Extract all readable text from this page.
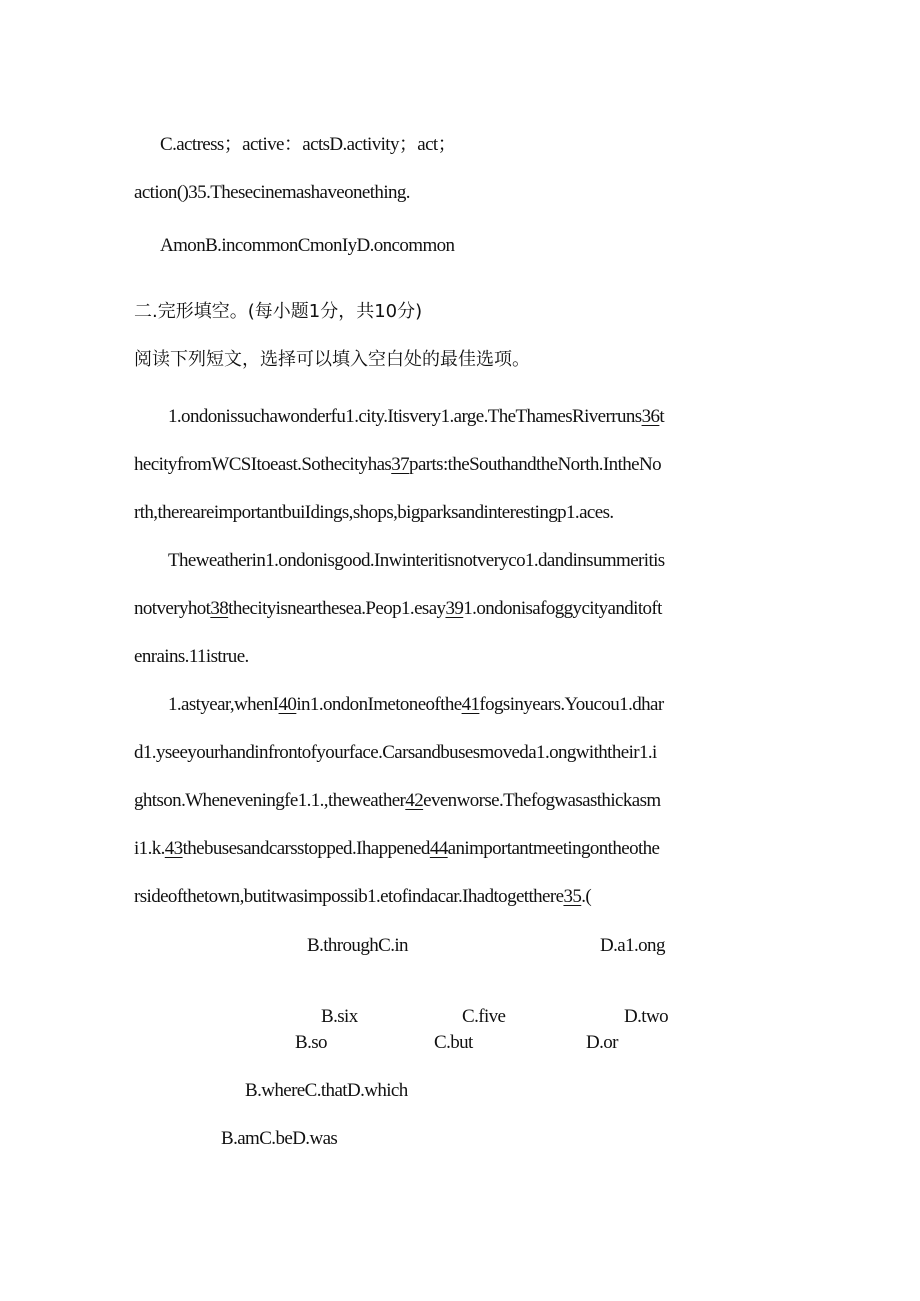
C.actress；active：actsD.activity；act；
action()35.Thesecinemashaveonething.
AmonB.incommonCmonIyD.oncommon
二.完形填空。(每小题1分，共10分)
阅读下列短文，选择可以填入空白处的最佳选项。
1.ondonissuchawonderfu1.city.Itisvery1.arge.TheThamesRiverruns36t
hecityfromWCSItoeast.Sothecityhas37parts:theSouthandtheNorth.IntheNo
rth,thereareimportantbuiIdings,shops,bigparksandinterestingp1.aces.
Theweatherin1.ondonisgood.Inwinteritisnotveryco1.dandinsummeritis
notveryhot38thecityisnearthesea.Peop1.esay391.ondonisafoggycityanditoft
enrains.11istrue.
1.astyear,whenI40in1.ondonImetoneofthe41fogsinyears.Youcou1.dhar
d1.yseeyourhandinfrontofyourface.Carsandbusesmoveda1.ongwiththeir1.i
ghtson.Wheneveningfe1.1.,theweather42evenworse.Thefogwasasthickasm
i1.k.43thebusesandcarsstopped.Ihappened44animportantmeetingontheothe
rsideofthetown,butitwasimpossib1.etofindacar.Ihadtogetthere35.(
B.throughC.in	D.a1.ong
B.six	C.five	D.two
B.so	C.but	D.or
B.whereC.thatD.which
B.amC.beD.was
